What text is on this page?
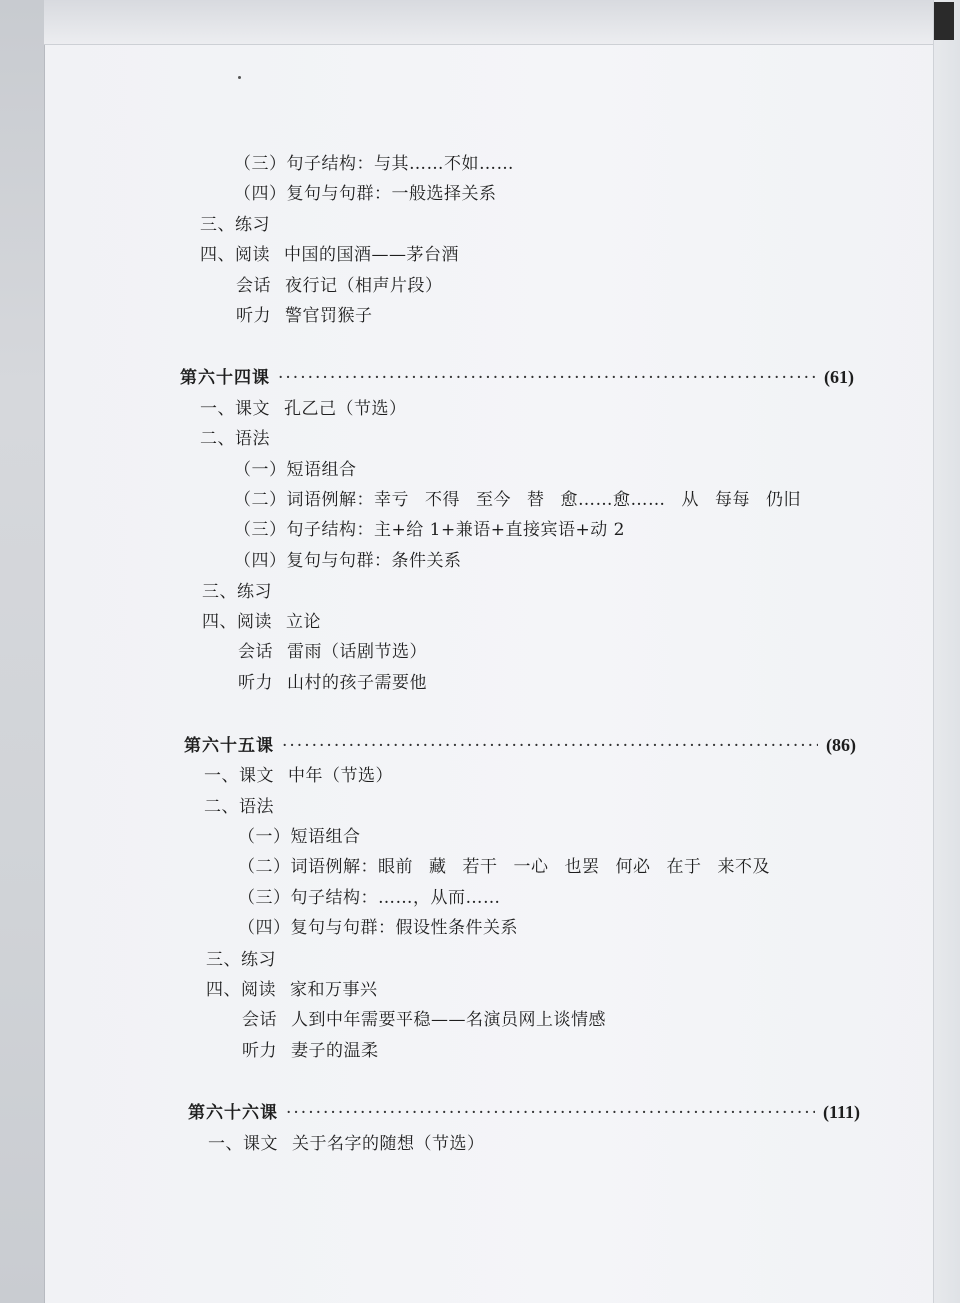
（三）句子结构：与其……不如……
（四）复句与句群：一般选择关系
三、练习
四、阅读 中国的国酒——茅台酒
会话 夜行记（相声片段）
听力 警官罚猴子
第六十四课 ·····	(61)
一、课文 孔乙己（节选）
二、语法
（一）短语组合
（二）词语例解：幸亏 不得 至今 替 愈……愈…… 从 每每 仍旧
（三）句子结构：主+给 1+兼语+直接宾语+动 2
（四）复句与句群：条件关系
三、练习
四、阅读 立论
会话 雷雨（话剧节选）
听力 山村的孩子需要他
第六十五课 ·····	(86)
一、课文 中年（节选）
二、语法
（一）短语组合
（二）词语例解：眼前 藏 若干 一心 也罢 何必 在于 来不及
（三）句子结构：……，从而……
（四）复句与句群：假设性条件关系
三、练习
四、阅读 家和万事兴
会话 人到中年需要平稳——名演员网上谈情感
听力 妻子的温柔
第六十六课 ·····	(111)
一、课文 关于名字的随想（节选）
